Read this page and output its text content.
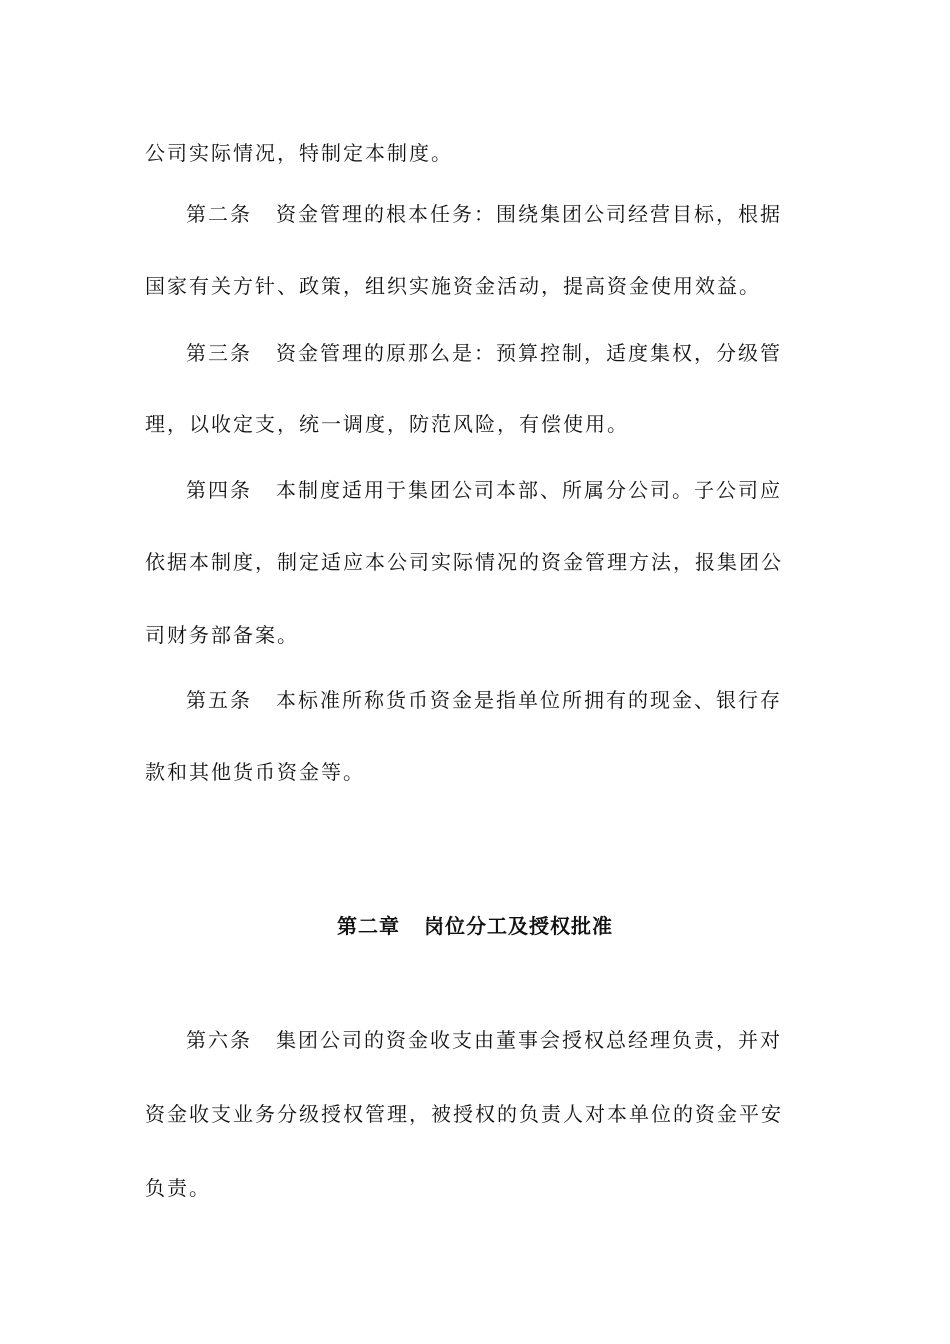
公司实际情况，特制定本制度。

第二条 资金管理的根本任务：围绕集团公司经营目标，根据

国家有关方针、政策，组织实施资金活动，提高资金使用效益。

第三条 资金管理的原那么是：预算控制，适度集权，分级管

理，以收定支，统一调度，防范风险，有偿使用。

第四条 本制度适用于集团公司本部、所属分公司。子公司应

依据本制度，制定适应本公司实际情况的资金管理方法，报集团公

司财务部备案。

第五条 本标准所称货币资金是指单位所拥有的现金、银行存

款和其他货币资金等。

第二章 岗位分工及授权批准

第六条 集团公司的资金收支由董事会授权总经理负责，并对

资金收支业务分级授权管理，被授权的负责人对本单位的资金平安

负责。
